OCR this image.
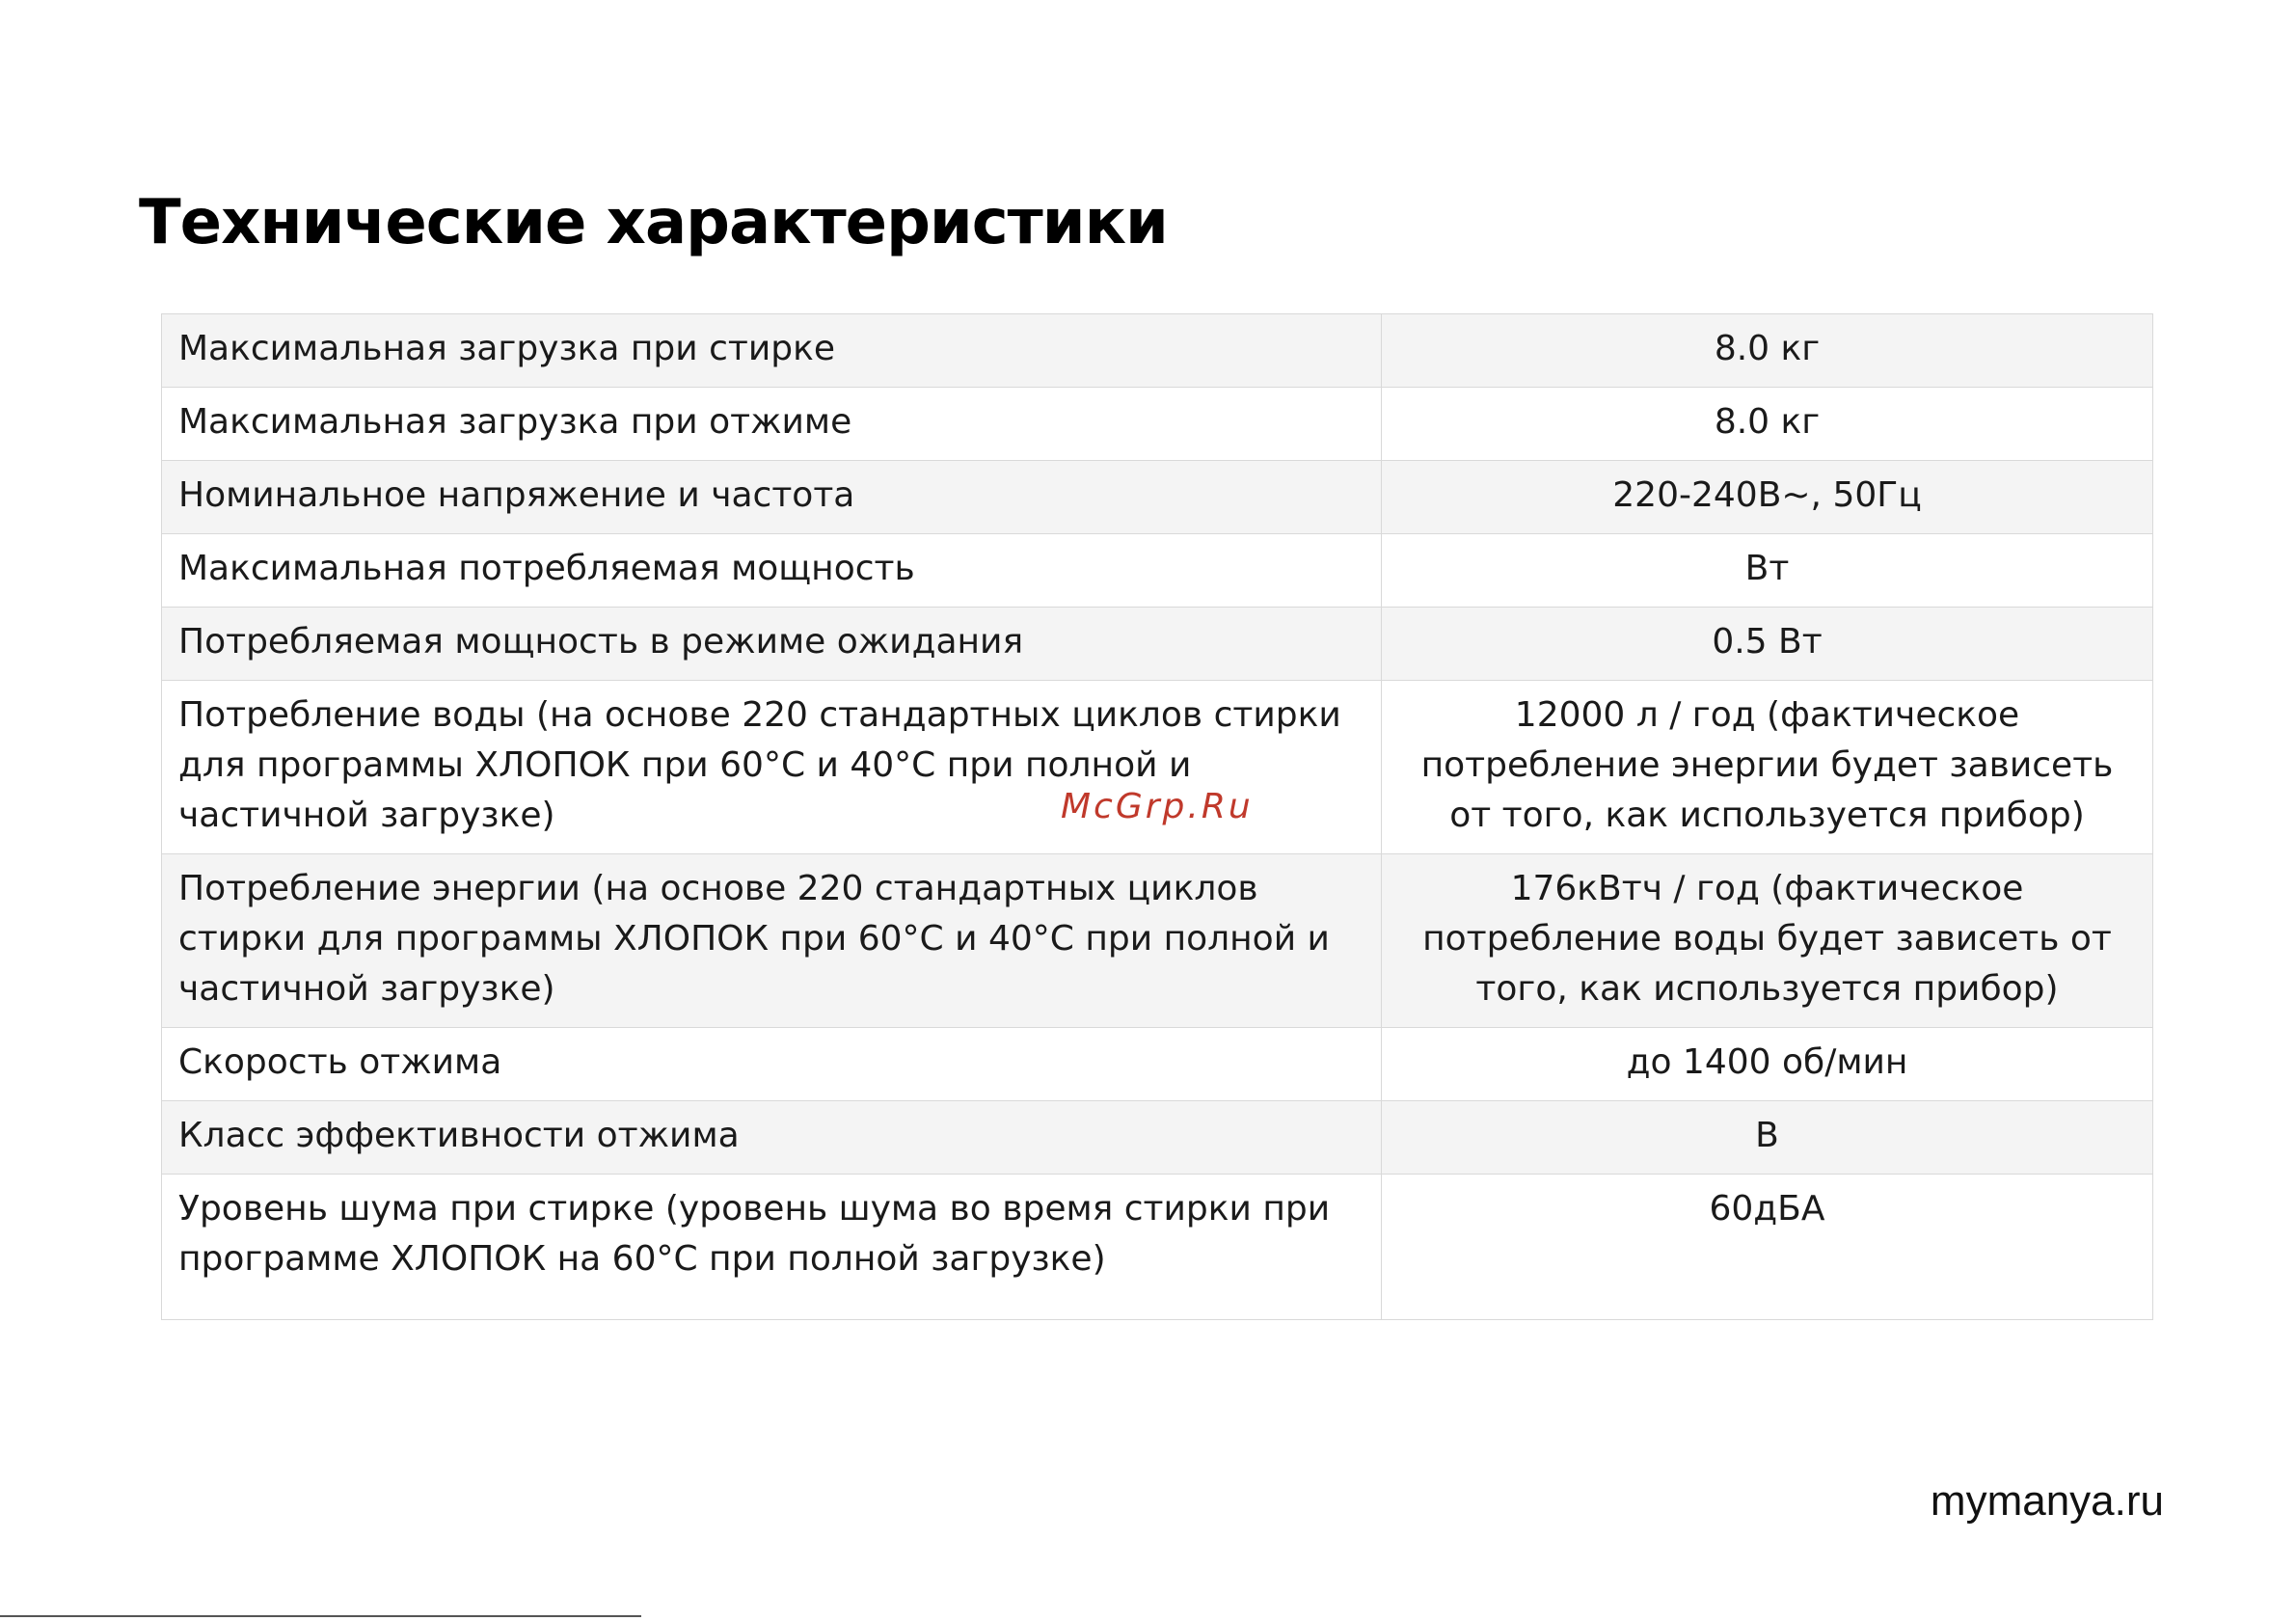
Технические характеристики
Максимальная загрузка при стирке	8.0 кг
Максимальная загрузка при отжиме	8.0 кг
Номинальное напряжение и частота	220-240В~, 50Гц
Максимальная потребляемая мощность	Вт
Потребляемая мощность в режиме ожидания	0.5 Вт
Потребление воды (на основе 220 стандартных циклов стирки для программы ХЛОПОК при 60°С и 40°С при полной и частичной загрузке)	12000 л / год (фактическое потребление энергии будет зависеть от того, как используется прибор)
Потребление энергии (на основе 220 стандартных циклов стирки для программы ХЛОПОК при 60°С и 40°С при полной и частичной загрузке)	176кВтч / год (фактическое потребление воды будет зависеть от того, как используется прибор)
Скорость отжима	до 1400 об/мин
Класс эффективности отжима	B
Уровень шума при стирке (уровень шума во время стирки при программе ХЛОПОК на 60°С при полной загрузке)	60дБА
McGrp.Ru
mymanya.ru
